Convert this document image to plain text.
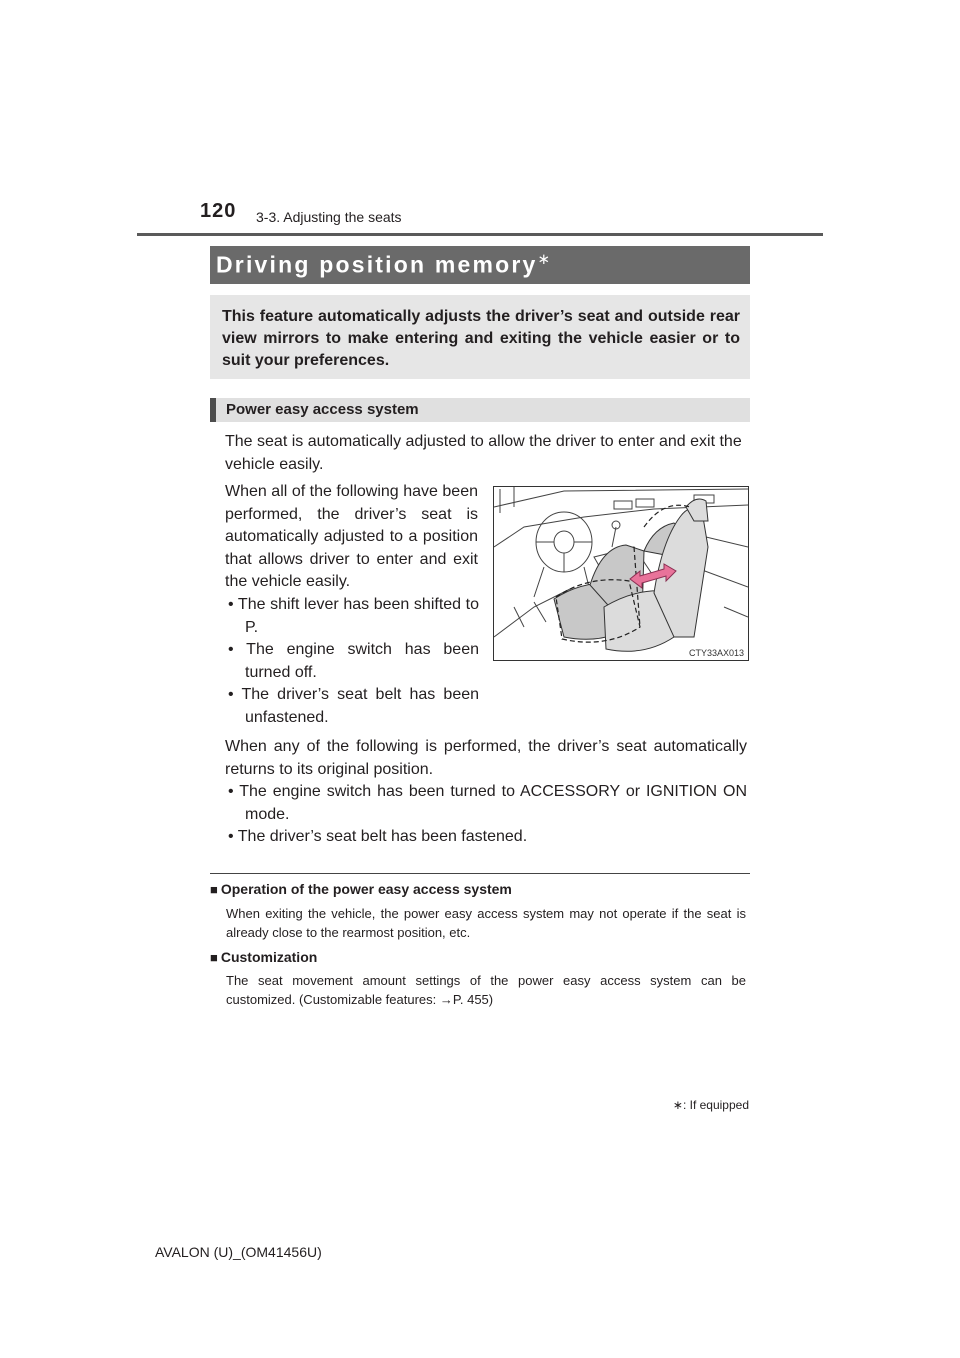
120 3-3. Adjusting the seats
Driving position memory∗
This feature automatically adjusts the driver’s seat and outside rear view mirrors to make entering and exiting the vehicle easier or to suit your preferences.
Power easy access system
The seat is automatically adjusted to allow the driver to enter and exit the vehicle easily.
When all of the following have been performed, the driver’s seat is automatically adjusted to a position that allows driver to enter and exit the vehicle easily.
• The shift lever has been shifted to P.
• The engine switch has been turned off.
• The driver’s seat belt has been unfastened.
CTY33AX013
When any of the following is performed, the driver’s seat automatically returns to its original position.
• The engine switch has been turned to ACCESSORY or IGNITION ON mode.
• The driver’s seat belt has been fastened.
■ Operation of the power easy access system
When exiting the vehicle, the power easy access system may not operate if the seat is already close to the rearmost position, etc.
■ Customization
The seat movement amount settings of the power easy access system can be customized. (Customizable features: →P. 455)
∗: If equipped
AVALON (U)_(OM41456U)
